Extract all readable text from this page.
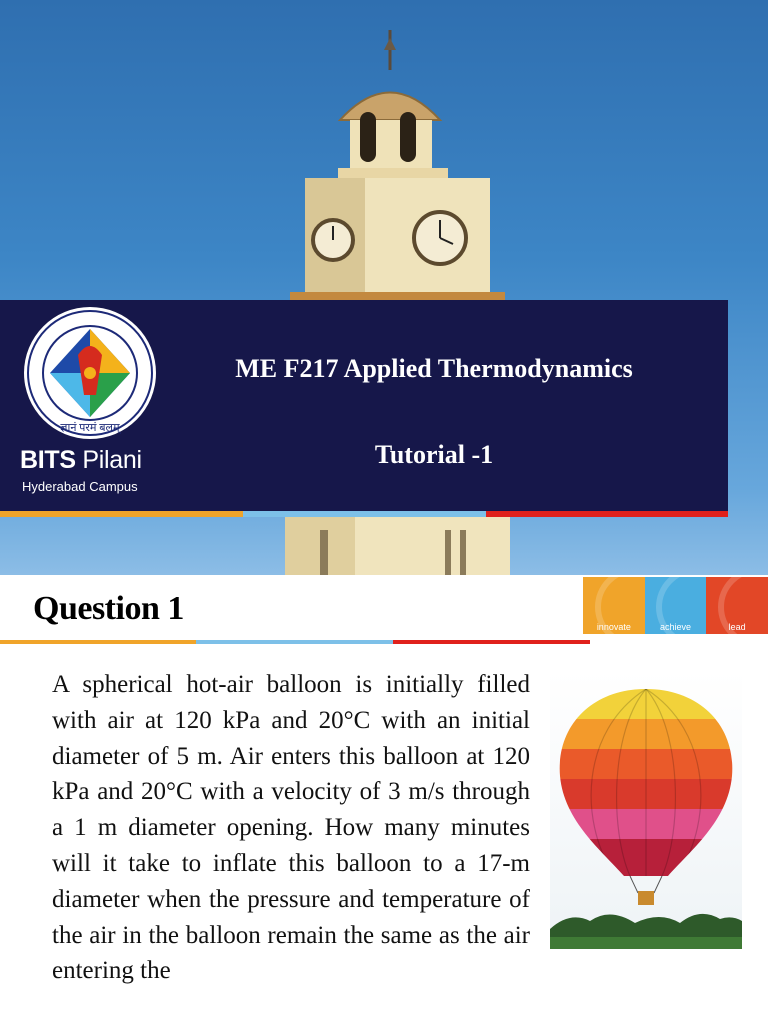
ज्ञानं परमं बलम्
BITS Pilani
Hyderabad Campus
ME F217 Applied Thermodynamics
Tutorial -1
Question 1	innovate	achieve	lead
A spherical hot-air balloon is initially filled with air at 120 kPa and 20°C with an initial diameter of 5 m. Air enters this balloon at 120 kPa and 20°C with a velocity of 3 m/s through a 1 m diameter opening. How many minutes will it take to inflate this balloon to a 17-m diameter when the pressure and temperature of the air in the balloon remain the same as the air entering the
